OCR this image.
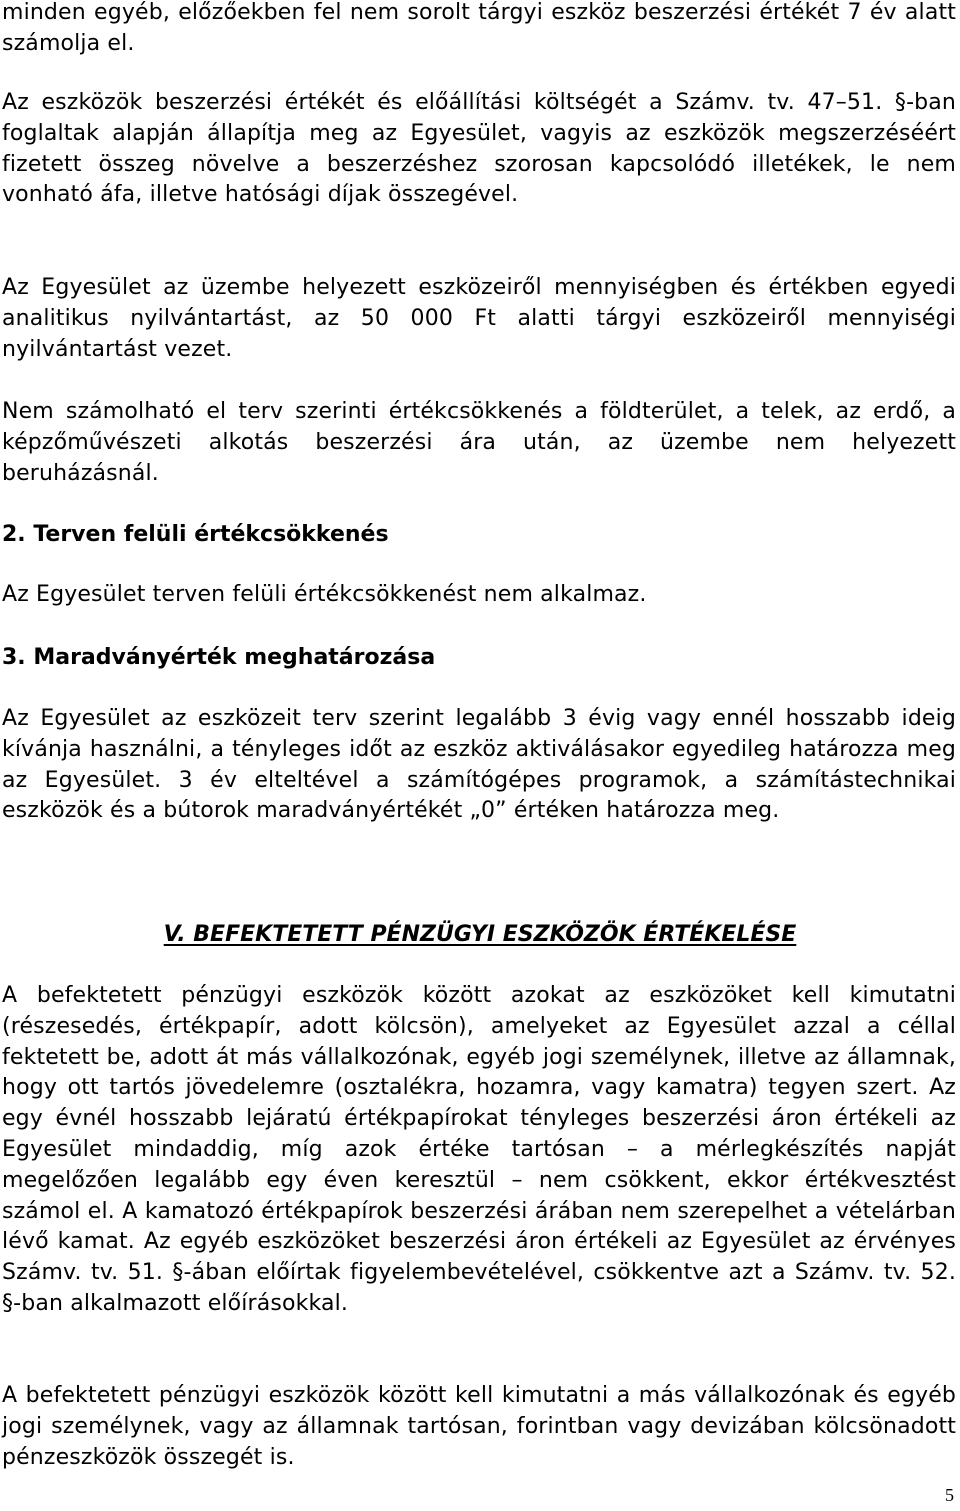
minden egyéb, előzőekben fel nem sorolt tárgyi eszköz beszerzési értékét 7 év alatt számolja el.

Az eszközök beszerzési értékét és előállítási költségét a Számv. tv. 47–51. §-ban foglaltak alapján állapítja meg az Egyesület, vagyis az eszközök megszerzéséért fizetett összeg növelve a beszerzéshez szorosan kapcsolódó illetékek, le nem vonható áfa, illetve hatósági díjak összegével.

Az Egyesület az üzembe helyezett eszközeiről mennyiségben és értékben egyedi analitikus nyilvántartást, az 50 000 Ft alatti tárgyi eszközeiről mennyiségi nyilvántartást vezet.

Nem számolható el terv szerinti értékcsökkenés a földterület, a telek, az erdő, a képzőművészeti alkotás beszerzési ára után, az üzembe nem helyezett beruházásnál.

2. Terven felüli értékcsökkenés

Az Egyesület terven felüli értékcsökkenést nem alkalmaz.

3. Maradványérték meghatározása

Az Egyesület az eszközeit terv szerint legalább 3 évig vagy ennél hosszabb ideig kívánja használni, a tényleges időt az eszköz aktiválásakor egyedileg határozza meg az Egyesület. 3 év elteltével a számítógépes programok, a számítástechnikai eszközök és a bútorok maradványértékét „0” értéken határozza meg.

V. BEFEKTETETT PÉNZÜGYI ESZKÖZÖK ÉRTÉKELÉSE

A befektetett pénzügyi eszközök között azokat az eszközöket kell kimutatni (részesedés, értékpapír, adott kölcsön), amelyeket az Egyesület azzal a céllal fektetett be, adott át más vállalkozónak, egyéb jogi személynek, illetve az államnak, hogy ott tartós jövedelemre (osztalékra, hozamra, vagy kamatra) tegyen szert. Az egy évnél hosszabb lejáratú értékpapírokat tényleges beszerzési áron értékeli az Egyesület mindaddig, míg azok értéke tartósan – a mérlegkészítés napját megelőzően legalább egy éven keresztül – nem csökkent, ekkor értékvesztést számol el. A kamatozó értékpapírok beszerzési árában nem szerepelhet a vételárban lévő kamat. Az egyéb eszközöket beszerzési áron értékeli az Egyesület az érvényes Számv. tv. 51. §-ában előírtak figyelembevételével, csökkentve azt a Számv. tv. 52. §-ban alkalmazott előírásokkal.

A befektetett pénzügyi eszközök között kell kimutatni a más vállalkozónak és egyéb jogi személynek, vagy az államnak tartósan, forintban vagy devizában kölcsönadott pénzeszközök összegét is.

5
